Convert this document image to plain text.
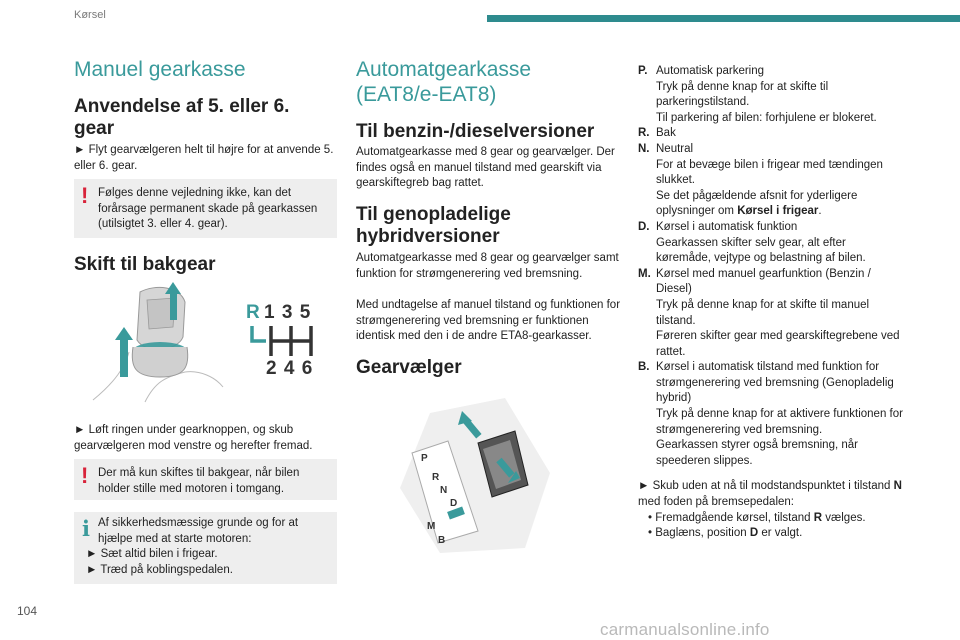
Kørsel
Manuel gearkasse
Anvendelse af 5. eller 6. gear
► Flyt gearvælgeren helt til højre for at anvende 5. eller 6. gear.
! Følges denne vejledning ikke, kan det forårsage permanent skade på gearkassen (utilsigtet 3. eller 4. gear).
Skift til bakgear
R 1 3 5
2 4 6
► Løft ringen under gearknoppen, og skub gearvælgeren mod venstre og herefter fremad.
! Der må kun skiftes til bakgear, når bilen holder stille med motoren i tomgang.
i Af sikkerhedsmæssige grunde og for at hjælpe med at starte motoren:
► Sæt altid bilen i frigear.
► Træd på koblingspedalen.
Automatgearkasse (EAT8/e-EAT8)
Til benzin-/dieselversioner
Automatgearkasse med 8 gear og gearvælger. Der findes også en manuel tilstand med gearskift via gearskiftegreb bag rattet.
Til genopladelige hybridversioner
Automatgearkasse med 8 gear og gearvælger samt funktion for strømgenerering ved bremsning.
Med undtagelse af manuel tilstand og funktionen for strømgenerering ved bremsning er funktionen identisk med den i de andre ETA8-gearkasser.
Gearvælger
P
R
N
D
M
B
P. Automatisk parkering
Tryk på denne knap for at skifte til parkeringstilstand.
Til parkering af bilen: forhjulene er blokeret.
R. Bak
N. Neutral
For at bevæge bilen i frigear med tændingen slukket.
Se det pågældende afsnit for yderligere oplysninger om Kørsel i frigear.
D. Kørsel i automatisk funktion
Gearkassen skifter selv gear, alt efter køremåde, vejtype og belastning af bilen.
M. Kørsel med manuel gearfunktion (Benzin / Diesel)
Tryk på denne knap for at skifte til manuel tilstand.
Føreren skifter gear med gearskiftegrebene ved rattet.
B. Kørsel i automatisk tilstand med funktion for strømgenerering ved bremsning (Genopladelig hybrid)
Tryk på denne knap for at aktivere funktionen for strømgenerering ved bremsning.
Gearkassen styrer også bremsning, når speederen slippes.
► Skub uden at nå til modstandspunktet i tilstand N med foden på bremsepedalen:
• Fremadgående kørsel, tilstand R vælges.
• Baglæns, position D er valgt.
104
carmanualsonline.info
